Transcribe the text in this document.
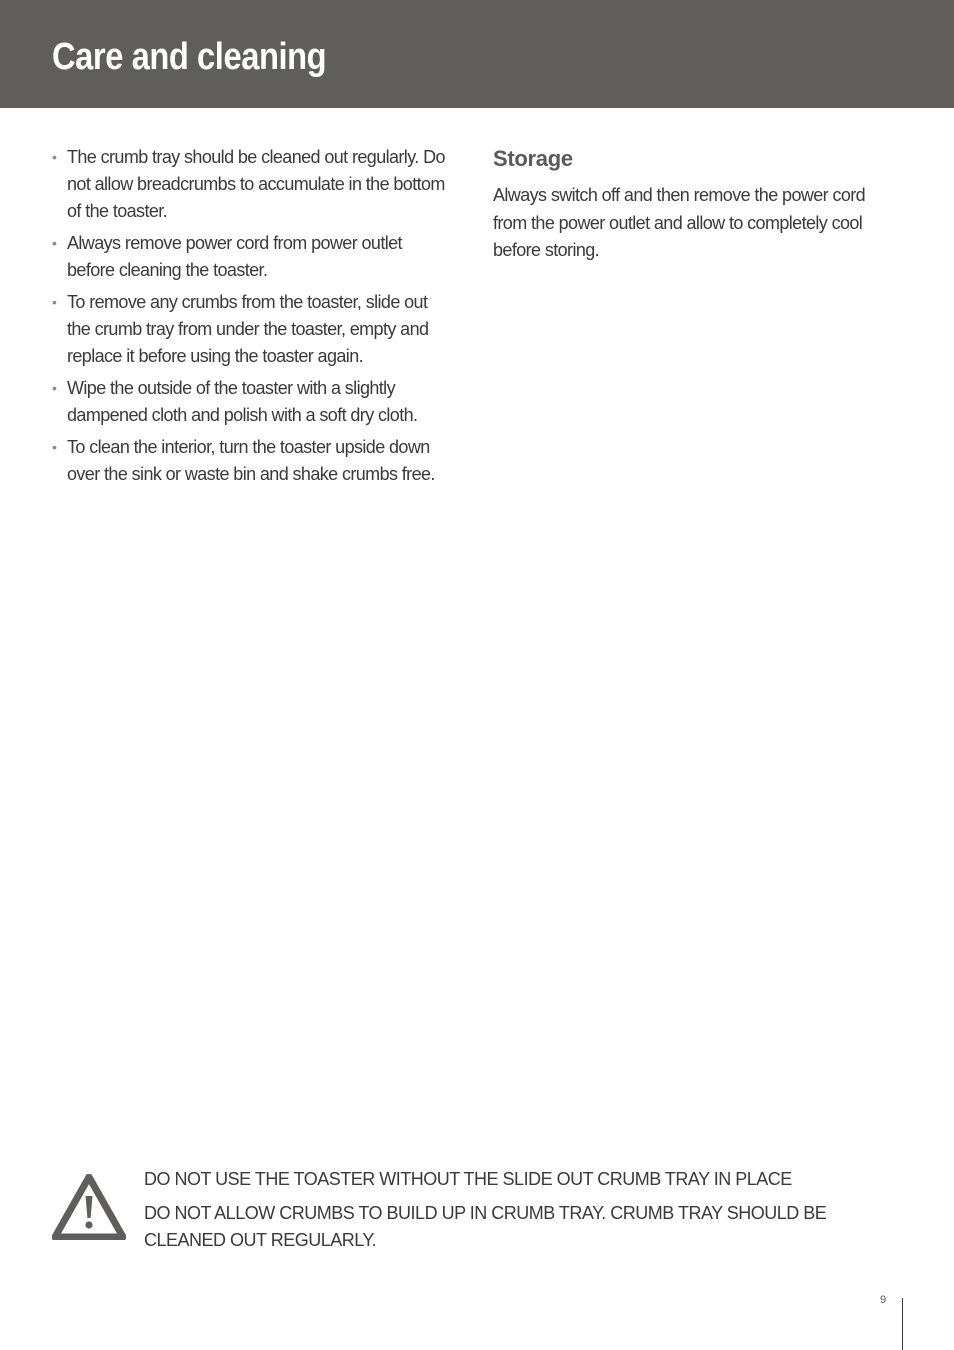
Care and cleaning
• The crumb tray should be cleaned out regularly. Do not allow breadcrumbs to accumulate in the bottom of the toaster.
• Always remove power cord from power outlet before cleaning the toaster.
• To remove any crumbs from the toaster, slide out the crumb tray from under the toaster, empty and replace it before using the toaster again.
• Wipe the outside of the toaster with a slightly dampened cloth and polish with a soft dry cloth.
• To clean the interior, turn the toaster upside down over the sink or waste bin and shake crumbs free.
Storage

Always switch off and then remove the power cord from the power outlet and allow to completely cool before storing.

DO NOT USE THE TOASTER WITHOUT THE SLIDE OUT CRUMB TRAY IN PLACE

DO NOT ALLOW CRUMBS TO BUILD UP IN CRUMB TRAY. CRUMB TRAY SHOULD BE CLEANED OUT REGULARLY.

9
